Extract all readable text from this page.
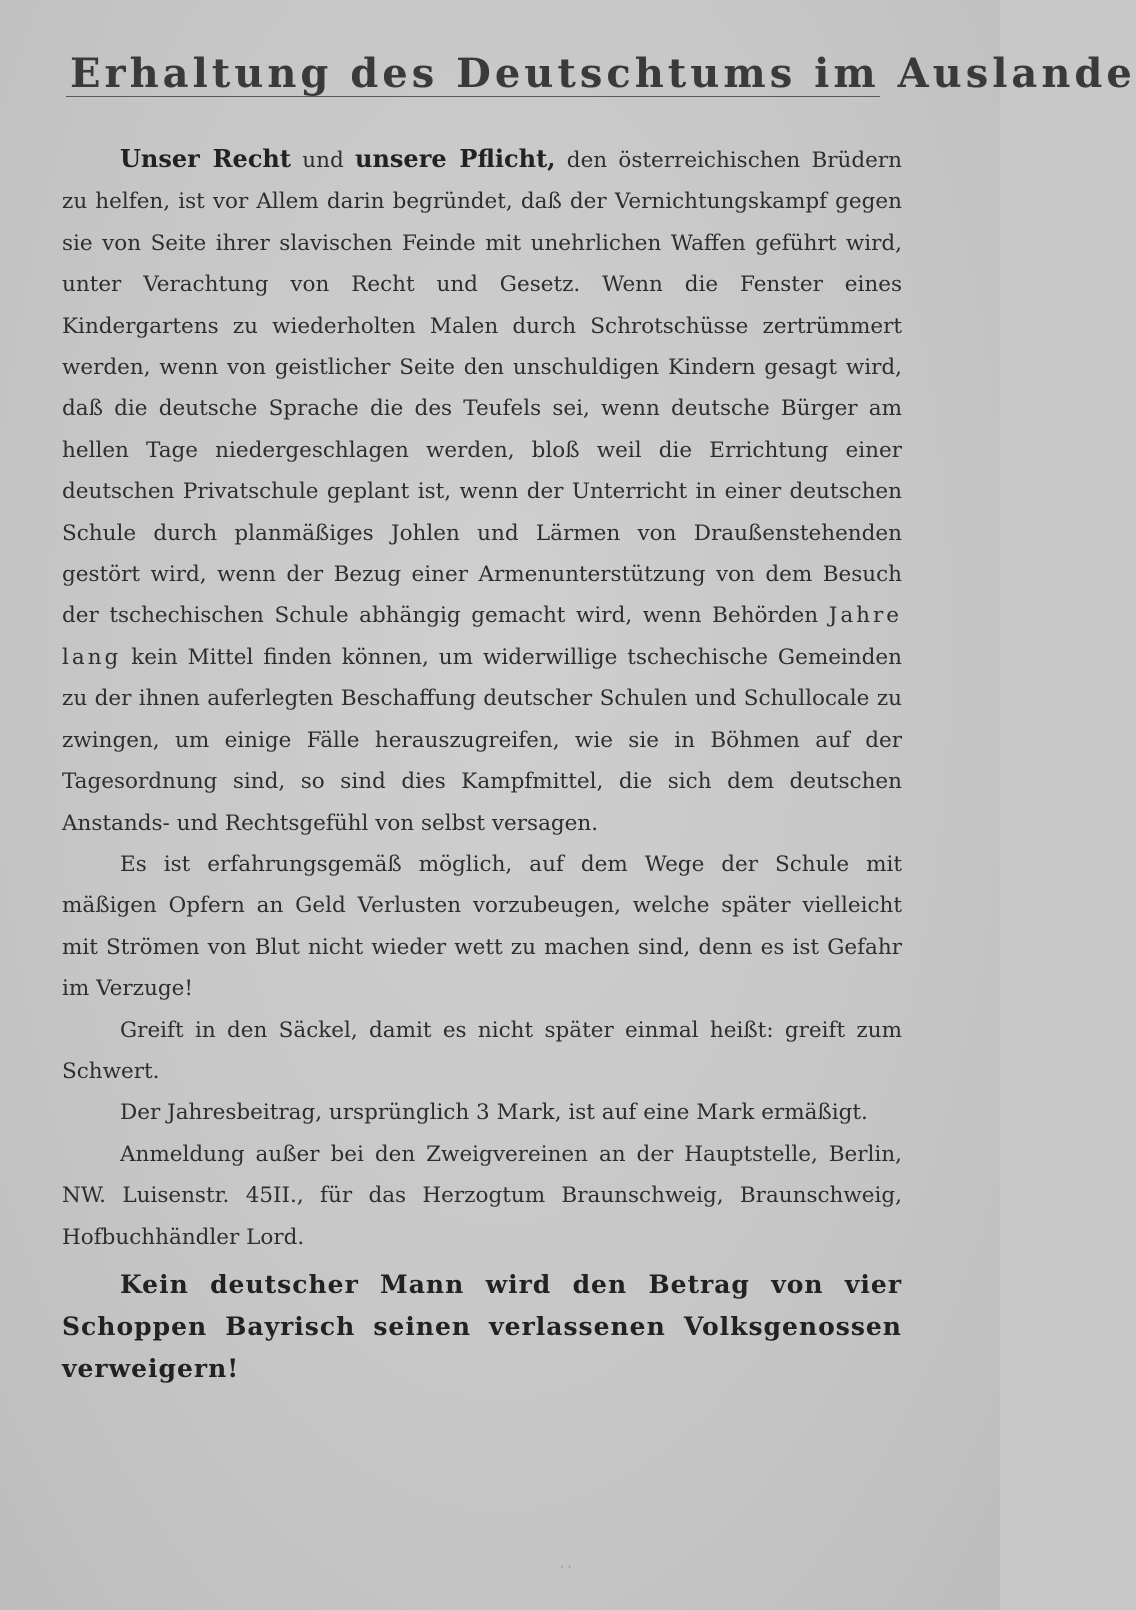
Erhaltung des Deutschtums im Auslande

Unser Recht und unsere Pflicht, den österreichischen Brüdern zu helfen, ist vor Allem darin begründet, daß der Vernichtungskampf gegen sie von Seite ihrer slavischen Feinde mit unehrlichen Waffen geführt wird, unter Verachtung von Recht und Gesetz. Wenn die Fenster eines Kindergartens zu wiederholten Malen durch Schrotschüsse zertrümmert werden, wenn von geistlicher Seite den unschuldigen Kindern gesagt wird, daß die deutsche Sprache die des Teufels sei, wenn deutsche Bürger am hellen Tage niedergeschlagen werden, bloß weil die Errichtung einer deutschen Privatschule geplant ist, wenn der Unterricht in einer deutschen Schule durch planmäßiges Johlen und Lärmen von Draußenstehenden gestört wird, wenn der Bezug einer Armenunterstützung von dem Besuch der tschechischen Schule abhängig gemacht wird, wenn Behörden Jahre lang kein Mittel finden können, um widerwillige tschechische Gemeinden zu der ihnen auferlegten Beschaffung deutscher Schulen und Schullocale zu zwingen, um einige Fälle herauszugreifen, wie sie in Böhmen auf der Tagesordnung sind, so sind dies Kampfmittel, die sich dem deutschen Anstands- und Rechtsgefühl von selbst versagen.

Es ist erfahrungsgemäß möglich, auf dem Wege der Schule mit mäßigen Opfern an Geld Verlusten vorzubeugen, welche später vielleicht mit Strömen von Blut nicht wieder wett zu machen sind, denn es ist Gefahr im Verzuge!

Greift in den Säckel, damit es nicht später einmal heißt: greift zum Schwert.

Der Jahresbeitrag, ursprünglich 3 Mark, ist auf eine Mark ermäßigt.

Anmeldung außer bei den Zweigvereinen an der Hauptstelle, Berlin, NW. Luisenstr. 45II., für das Herzogtum Braunschweig, Braunschweig, Hofbuchhändler Lord.

Kein deutscher Mann wird den Betrag von vier Schoppen Bayrisch seinen verlassenen Volksgenossen verweigern!

· ·
